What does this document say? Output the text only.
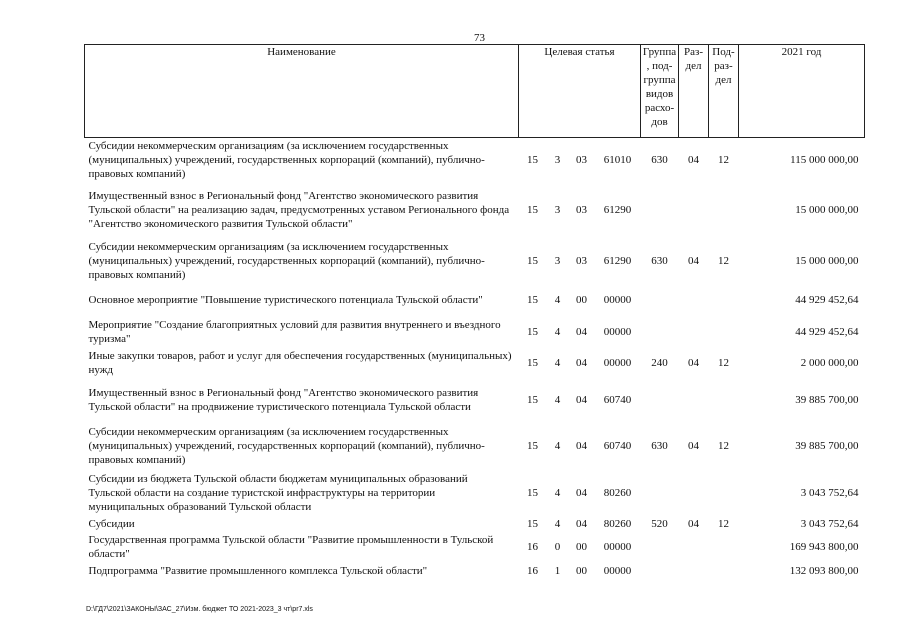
73
Наименование	Целевая статья				Группа, под-группа видов расхо-дов	Раз-дел	Под-раз-дел	2021 год
Субсидии некоммерческим организациям (за исключением государственных (муниципальных) учреждений, государственных корпораций (компаний), публично-правовых компаний)	15	3	03	61010	630	04	12	115 000 000,00
Имущественный взнос в Региональный фонд "Агентство экономического развития Тульской области" на реализацию задач, предусмотренных уставом Регионального фонда "Агентство экономического развития Тульской области"	15	3	03	61290				15 000 000,00
Субсидии некоммерческим организациям (за исключением государственных (муниципальных) учреждений, государственных корпораций (компаний), публично-правовых компаний)	15	3	03	61290	630	04	12	15 000 000,00
Основное мероприятие "Повышение туристического потенциала Тульской области"	15	4	00	00000				44 929 452,64
Мероприятие "Создание благоприятных условий для развития внутреннего и въездного туризма"	15	4	04	00000				44 929 452,64
Иные закупки товаров, работ и услуг для обеспечения государственных (муниципальных) нужд	15	4	04	00000	240	04	12	2 000 000,00
Имущественный взнос в Региональный фонд "Агентство экономического развития Тульской области" на продвижение туристического потенциала Тульской области	15	4	04	60740				39 885 700,00
Субсидии некоммерческим организациям (за исключением государственных (муниципальных) учреждений, государственных корпораций (компаний), публично-правовых компаний)	15	4	04	60740	630	04	12	39 885 700,00
Субсидии из бюджета Тульской области бюджетам муниципальных образований Тульской области на создание туристской инфраструктуры на территории муниципальных образований Тульской области	15	4	04	80260				3 043 752,64
Субсидии	15	4	04	80260	520	04	12	3 043 752,64
Государственная программа Тульской области "Развитие промышленности в Тульской области"	16	0	00	00000				169 943 800,00
Подпрограмма "Развитие промышленного комплекса Тульской области"	16	1	00	00000				132 093 800,00
D:\ГД7\2021\ЗАКОНЫ\ЗАС_27\Изм. бюджет ТО 2021-2023_3 чт\pr7.xls
